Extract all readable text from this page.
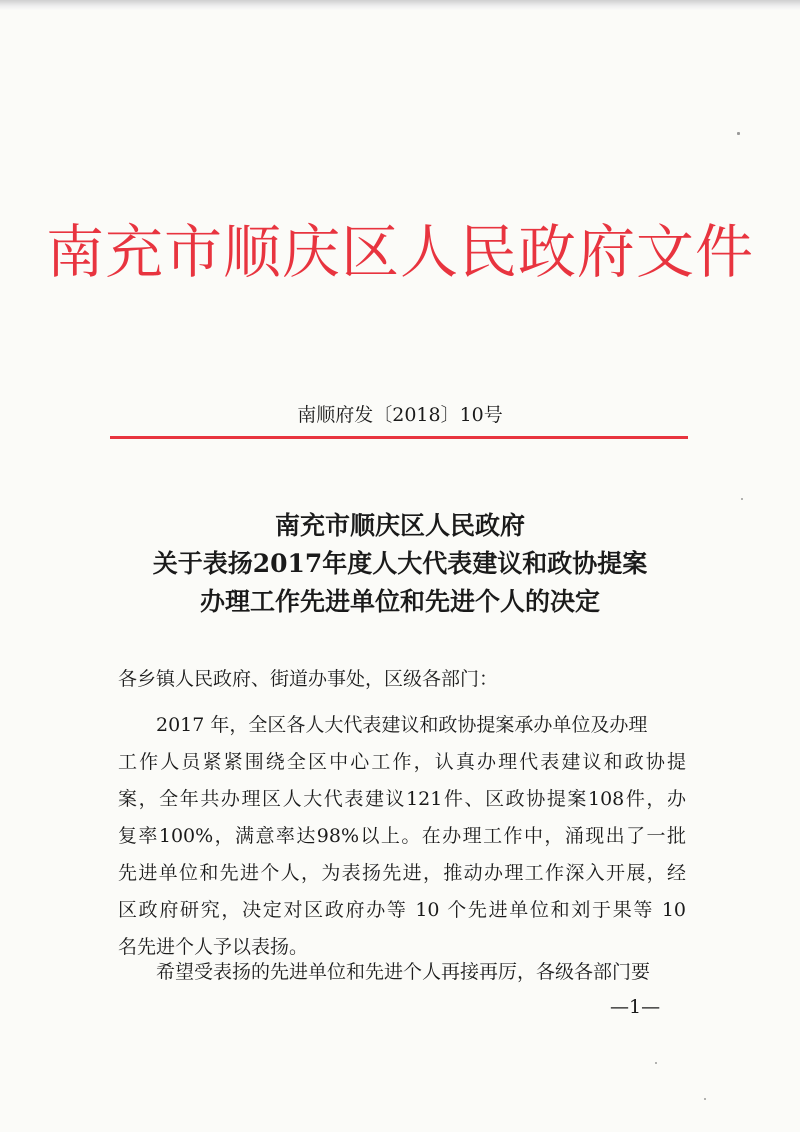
南充市顺庆区人民政府文件
南顺府发〔2018〕10号
南充市顺庆区人民政府
关于表扬2017年度人大代表建议和政协提案
办理工作先进单位和先进个人的决定
各乡镇人民政府、街道办事处，区级各部门：
2017 年，全区各人大代表建议和政协提案承办单位及办理
工作人员紧紧围绕全区中心工作，认真办理代表建议和政协提
案，全年共办理区人大代表建议121件、区政协提案108件，办
复率100%，满意率达98%以上。在办理工作中，涌现出了一批
先进单位和先进个人，为表扬先进，推动办理工作深入开展，经
区政府研究，决定对区政府办等 10 个先进单位和刘于果等 10
名先进个人予以表扬。
希望受表扬的先进单位和先进个人再接再厉，各级各部门要
—1—
